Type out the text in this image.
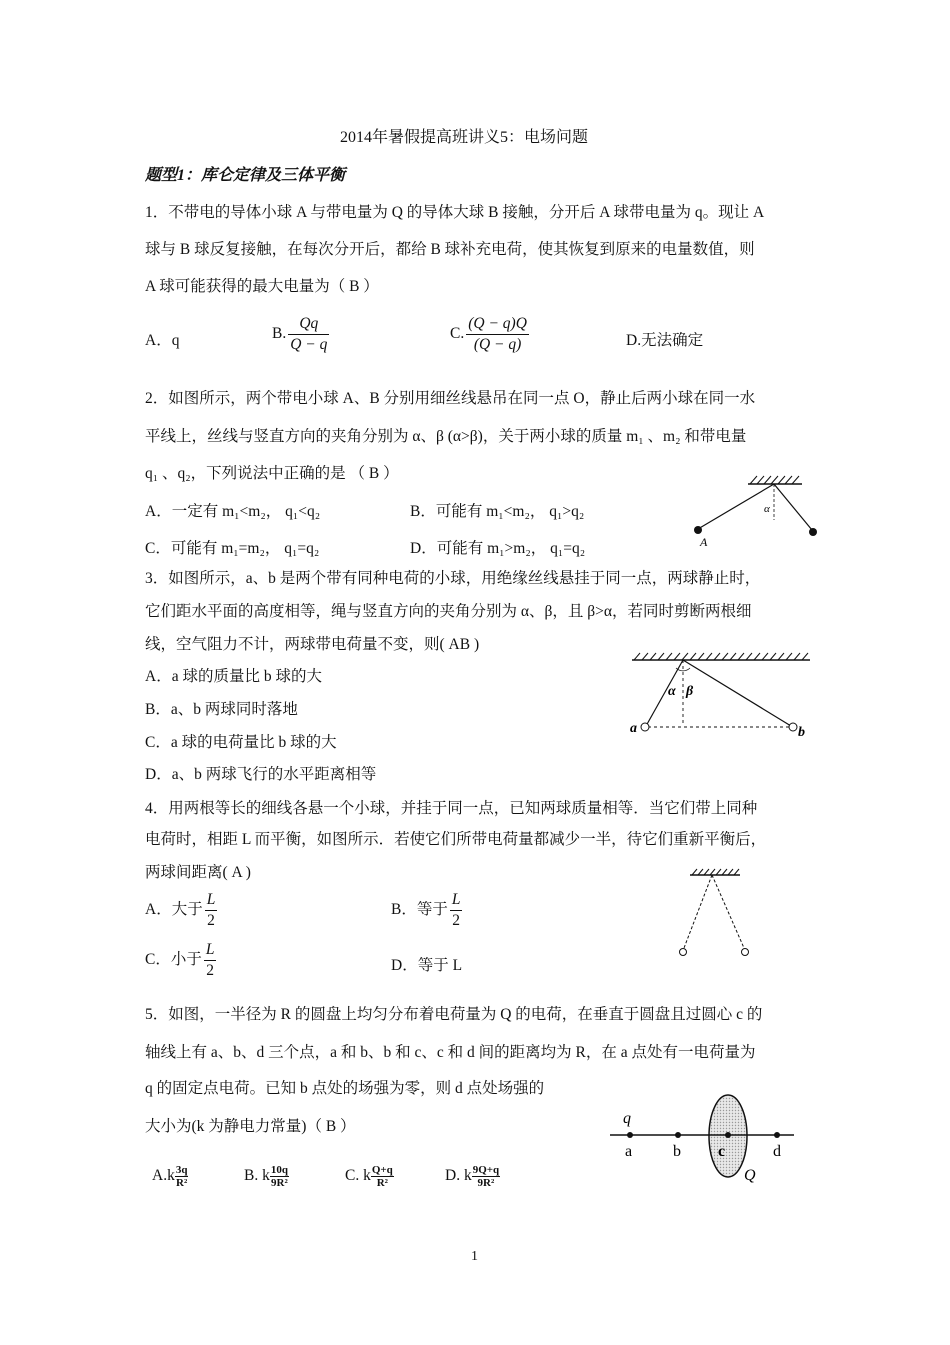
2014年暑假提高班讲义5：电场问题
题型1：库仑定律及三体平衡
1．不带电的导体小球 A 与带电量为 Q 的导体大球 B 接触，分开后 A 球带电量为 q。现让 A
球与 B 球反复接触，在每次分开后，都给 B 球补充电荷，使其恢复到原来的电量数值，则
A 球可能获得的最大电量为（ B ）
A．q	B. $\frac{Qq}{Q - q}$	C. $\frac{(Q - q)Q}{(Q - q)}$	D.无法确定
2．如图所示，两个带电小球 A、B 分别用细丝线悬吊在同一点 O，静止后两小球在同一水
平线上，丝线与竖直方向的夹角分别为 α、β (α>β)，关于两小球的质量 m₁ 、m₂ 和带电量
q₁ 、q₂，下列说法中正确的是 （ B ）
A．一定有 m₁<m₂， q₁<q₂	B．可能有 m₁<m₂， q₁>q₂
C．可能有 m₁=m₂， q₁=q₂	D．可能有 m₁>m₂， q₁=q₂
α
A
3．如图所示，a、b 是两个带有同种电荷的小球，用绝缘丝线悬挂于同一点，两球静止时，
它们距水平面的高度相等，绳与竖直方向的夹角分别为 α、β，且 β>α，若同时剪断两根细
线，空气阻力不计，两球带电荷量不变，则( AB )
A．a 球的质量比 b 球的大
B．a、b 两球同时落地
C．a 球的电荷量比 b 球的大
D．a、b 两球飞行的水平距离相等
α β
a	b
4．用两根等长的细线各悬一个小球，并挂于同一点，已知两球质量相等．当它们带上同种
电荷时，相距 L 而平衡，如图所示．若使它们所带电荷量都减少一半，待它们重新平衡后，
两球间距离( A )
A．大于 $\frac{L}{2}$	B．等于 $\frac{L}{2}$
C．小于 $\frac{L}{2}$	D．等于 L
5．如图，一半径为 R 的圆盘上均匀分布着电荷量为 Q 的电荷，在垂直于圆盘且过圆心 c 的
轴线上有 a、b、d 三个点，a 和 b、b 和 c、c 和 d 间的距离均为 R，在 a 点处有一电荷量为
q 的固定点电荷。已知 b 点处的场强为零，则 d 点处场强的
大小为(k 为静电力常量)（ B ）
$A.k \frac{3q}{\text{R²}}$	B. k $\frac{10q}{\text{9R²}}$	C. k $\frac{Q+q}{\text{R²}}$	D. k $\frac{9Q+q}{\text{9R²}}$
q
a	b c	d
Q
1
